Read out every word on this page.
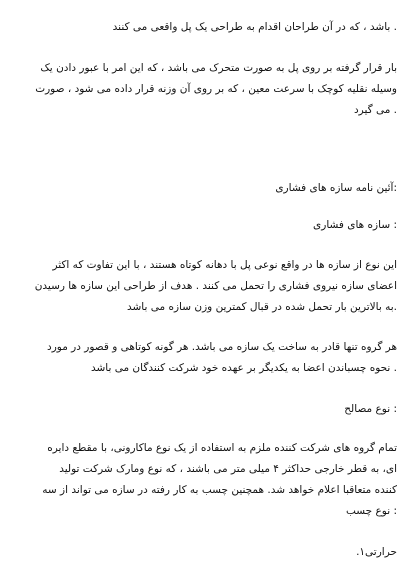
. باشد ، که در آن طراحان اقدام به طراحی یک پل واقعی می کنند
بار قرار گرفته بر روی پل به صورت متحرک می باشد ، که این امر با عبور دادن یک
وسیله نقلیه کوچک با سرعت معین ، که بر روی آن وزنه قرار داده می شود ، صورت
. می گیرد
:آئین نامه سازه های فشاری
: سازه های فشاری
این نوع از سازه ها در واقع نوعی پل با دهانه کوتاه هستند ، با این تفاوت که اکثر
اعضای سازه نیروی فشاری را تحمل می کنند . هدف از طراحی این سازه ها رسیدن
.به بالاترین بار تحمل شده در قبال کمترین وزن سازه می باشد
هر گروه تنها قادر به ساخت یک سازه می باشد. هر گونه کوتاهی و قصور در مورد
. نحوه چسباندن اعضا به یکدیگر بر عهده خود شرکت کنندگان می باشد
: نوع مصالح
تمام گروه های شرکت کننده ملزم به استفاده از یک نوع ماکارونی، با مقطع دایره
ای، به قطر خارجی حداکثر ۴ میلی متر می باشند ، که نوع ومارک شرکت تولید
کننده متعاقبا اعلام خواهد شد. همچنین چسب به کار رفته در سازه می تواند از سه
: نوع چسب
حرارتی۱.
